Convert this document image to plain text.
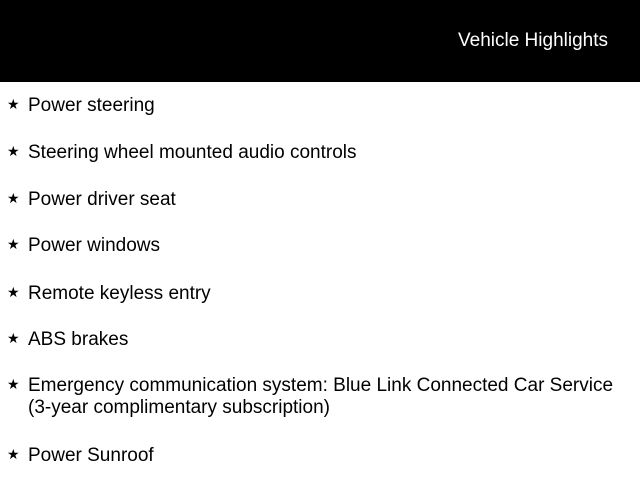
Vehicle Highlights
★ Power steering
★ Steering wheel mounted audio controls
★ Power driver seat
★ Power windows
★ Remote keyless entry
★ ABS brakes
★ Emergency communication system: Blue Link Connected Car Service (3-year complimentary subscription)
★ Power Sunroof
